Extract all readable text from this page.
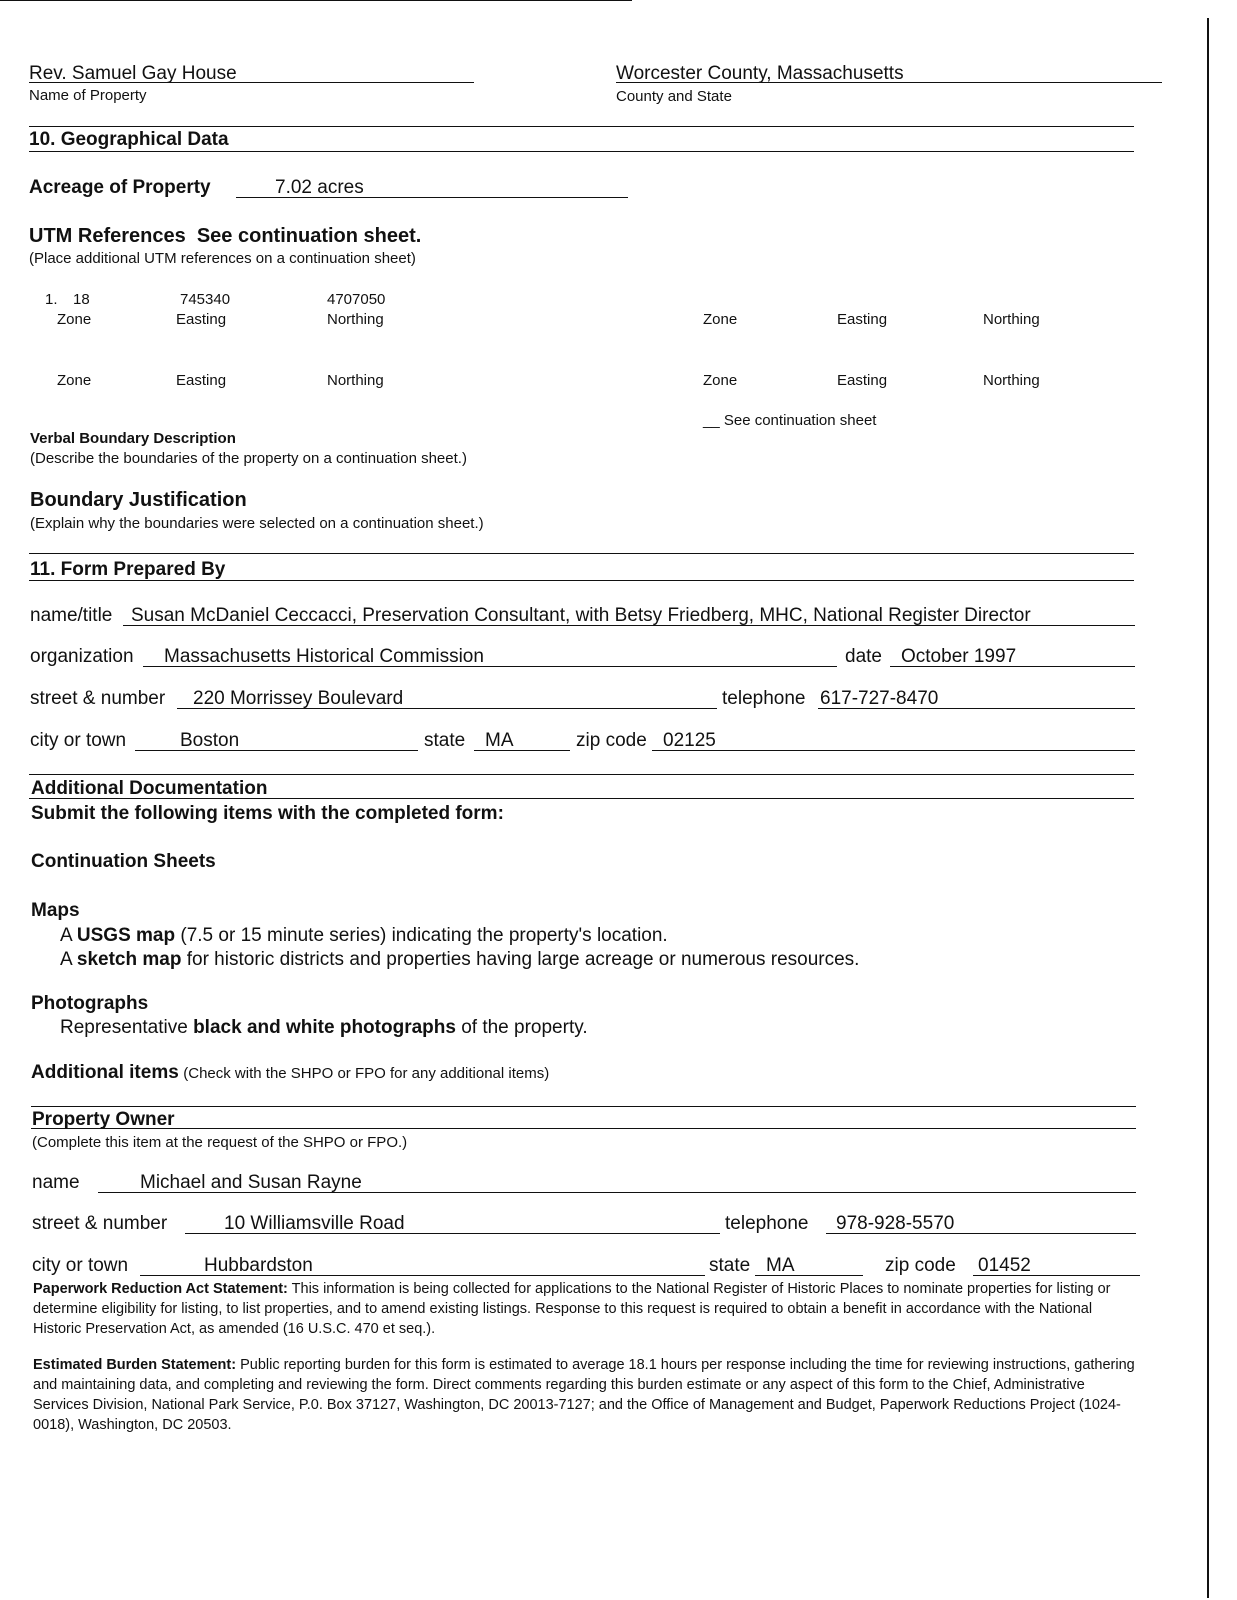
Rev. Samuel Gay House
Name of Property
Worcester County, Massachusetts
County and State
10. Geographical Data
Acreage of Property	7.02 acres
UTM References See continuation sheet.
(Place additional UTM references on a continuation sheet)
1. 18	745340	4707050
Zone	Easting	Northing	Zone	Easting	Northing
Zone	Easting	Northing	Zone	Easting	Northing
__ See continuation sheet
Verbal Boundary Description
(Describe the boundaries of the property on a continuation sheet.)
Boundary Justification
(Explain why the boundaries were selected on a continuation sheet.)
11. Form Prepared By
name/title Susan McDaniel Ceccacci, Preservation Consultant, with Betsy Friedberg, MHC, National Register Director
organization Massachusetts Historical Commission	date October 1997
street & number 220 Morrissey Boulevard	telephone 617-727-8470
city or town	Boston	state MA	zip code 02125
Additional Documentation
Submit the following items with the completed form:
Continuation Sheets
Maps
A USGS map (7.5 or 15 minute series) indicating the property's location.
A sketch map for historic districts and properties having large acreage or numerous resources.
Photographs
Representative black and white photographs of the property.
Additional items (Check with the SHPO or FPO for any additional items)
Property Owner
(Complete this item at the request of the SHPO or FPO.)
name	Michael and Susan Rayne
street & number	10 Williamsville Road	telephone 978-928-5570
city or town	Hubbardston	state MA	zip code 01452
Paperwork Reduction Act Statement: This information is being collected for applications to the National Register of Historic Places to nominate properties for listing or determine eligibility for listing, to list properties, and to amend existing listings. Response to this request is required to obtain a benefit in accordance with the National Historic Preservation Act, as amended (16 U.S.C. 470 et seq.).
Estimated Burden Statement: Public reporting burden for this form is estimated to average 18.1 hours per response including the time for reviewing instructions, gathering and maintaining data, and completing and reviewing the form. Direct comments regarding this burden estimate or any aspect of this form to the Chief, Administrative Services Division, National Park Service, P.0. Box 37127, Washington, DC 20013-7127; and the Office of Management and Budget, Paperwork Reductions Project (1024-0018), Washington, DC 20503.
